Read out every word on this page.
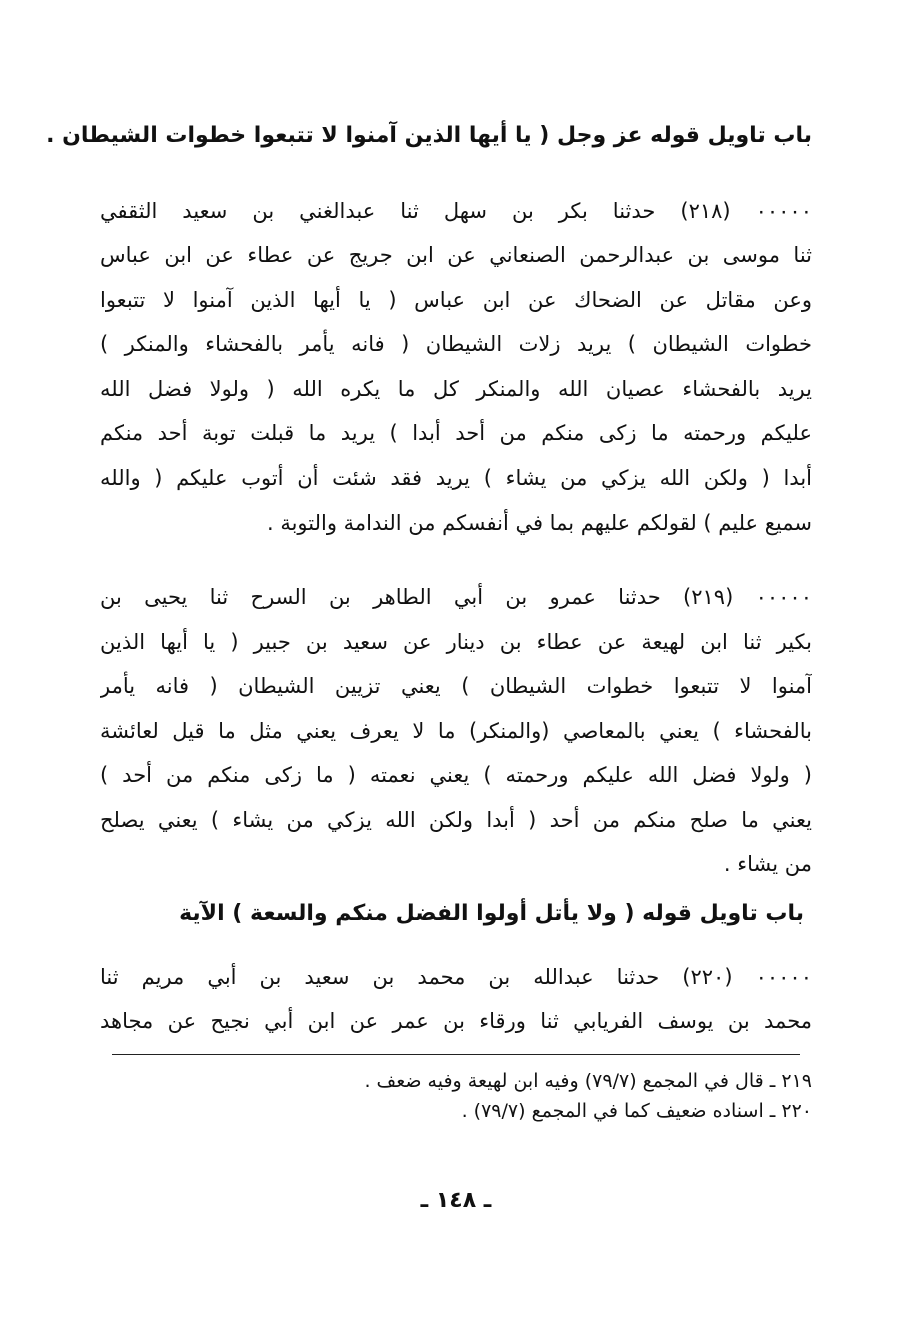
باب تاويل قوله عز وجل ( يا أيها الذين آمنوا لا تتبعوا خطوات الشيطان .
٠٠٠٠٠ (٢١٨) حدثنا بكر بن سهل ثنا عبدالغني بن سعيد الثقفي
ثنا موسى بن عبدالرحمن الصنعاني عن ابن جريج عن عطاء عن ابن عباس
وعن مقاتل عن الضحاك عن ابن عباس ( يا أيها الذين آمنوا لا تتبعوا
خطوات الشيطان ) يريد زلات الشيطان ( فانه يأمر بالفحشاء والمنكر )
يريد بالفحشاء عصيان الله والمنكر كل ما يكره الله ( ولولا فضل الله
عليكم ورحمته ما زكى منكم من أحد أبدا ) يريد ما قبلت توبة أحد منكم
أبدا ( ولكن الله يزكي من يشاء ) يريد فقد شئت أن أتوب عليكم ( والله
سميع عليم ) لقولكم عليهم بما في أنفسكم من الندامة والتوبة .
٠٠٠٠٠ (٢١٩) حدثنا عمرو بن أبي الطاهر بن السرح ثنا يحيى بن
بكير ثنا ابن لهيعة عن عطاء بن دينار عن سعيد بن جبير ( يا أيها الذين
آمنوا لا تتبعوا خطوات الشيطان ) يعني تزيين الشيطان ( فانه يأمر
بالفحشاء ) يعني بالمعاصي (والمنكر) ما لا يعرف يعني مثل ما قيل لعائشة
( ولولا فضل الله عليكم ورحمته ) يعني نعمته ( ما زكى منكم من أحد )
يعني ما صلح منكم من أحد ( أبدا ولكن الله يزكي من يشاء ) يعني يصلح
من يشاء .
باب تاويل قوله ( ولا يأتل أولوا الفضل منكم والسعة ) الآية
٠٠٠٠٠ (٢٢٠) حدثنا عبدالله بن محمد بن سعيد بن أبي مريم ثنا
محمد بن يوسف الفريابي ثنا ورقاء بن عمر عن ابن أبي نجيح عن مجاهد
٢١٩ ـ قال في المجمع (٧٩/٧) وفيه ابن لهيعة وفيه ضعف .
٢٢٠ ـ اسناده ضعيف كما في المجمع (٧٩/٧) .
ـ ١٤٨ ـ
